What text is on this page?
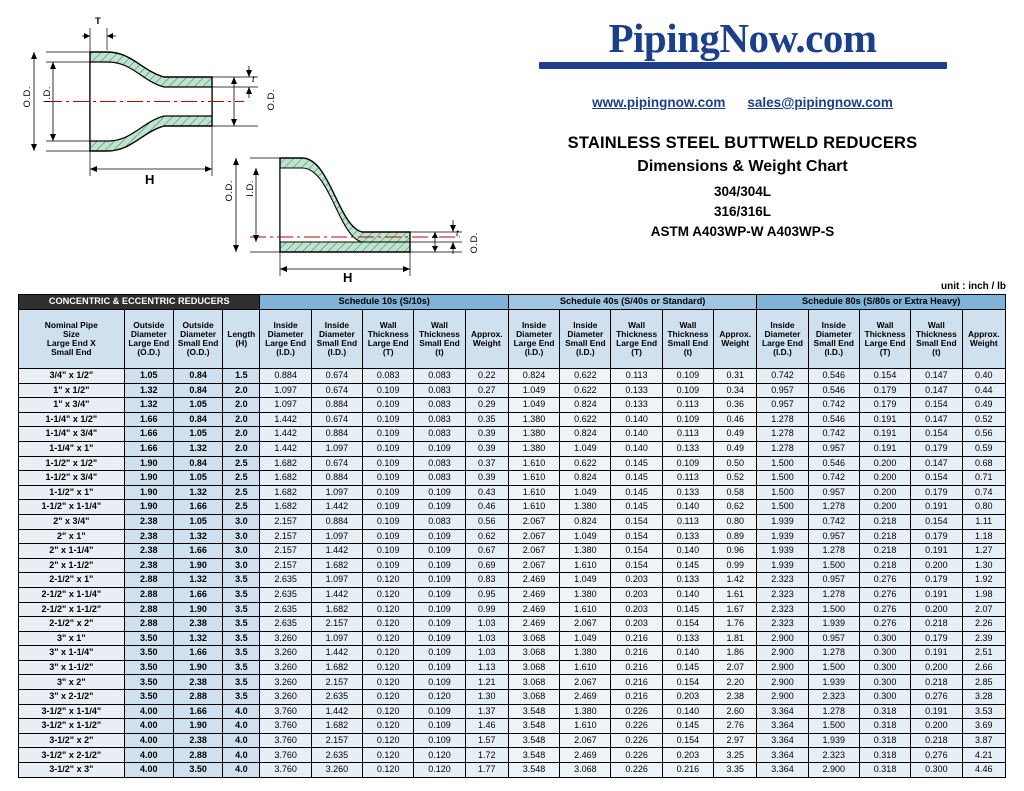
O.D. I.D.
T
t
O.D.
H
O.D. I.D.
t O.D.
H
PipingNow.com
www.pipingnow.com sales@pipingnow.com
STAINLESS STEEL BUTTWELD REDUCERS
Dimensions & Weight Chart
304/304L
316/316L
ASTM A403WP-W A403WP-S
unit : inch / lb
CONCENTRIC & ECCENTRIC REDUCERS				Schedule 10s (S/10s)					Schedule 40s (S/40s or Standard)					Schedule 80s (S/80s or Extra Heavy)				

Nominal Pipe
Size
Large End X
Small End

Outside
Diameter
Large End
(O.D.)

Outside
Diameter
Small End
(O.D.)

Length
(H)

Inside
Diameter
Large End
(I.D.)

Inside
Diameter
Small End
(I.D.)

Wall
Thickness
Large End
(T)

Wall
Thickness
Small End
(t)

Approx.
Weight

Inside
Diameter
Large End
(I.D.)

Inside
Diameter
Small End
(I.D.)

Wall
Thickness
Large End
(T)

Wall
Thickness
Small End
(t)

Approx.
Weight

Inside
Diameter
Large End
(I.D.)

Inside
Diameter
Small End
(I.D.)

Wall
Thickness
Large End
(T)

Wall
Thickness
Small End
(t)

Approx.
Weight

3/4" x 1/2"	1.05	0.84	1.5	0.884	0.674	0.083	0.083	0.22	0.824	0.622	0.113	0.109	0.31	0.742	0.546	0.154	0.147	0.40
1" x 1/2"	1.32	0.84	2.0	1.097	0.674	0.109	0.083	0.27	1.049	0.622	0.133	0.109	0.34	0.957	0.546	0.179	0.147	0.44
1" x 3/4"	1.32	1.05	2.0	1.097	0.884	0.109	0.083	0.29	1.049	0.824	0.133	0.113	0.36	0.957	0.742	0.179	0.154	0.49
1-1/4" x 1/2"	1.66	0.84	2.0	1.442	0.674	0.109	0.083	0.35	1.380	0.622	0.140	0.109	0.46	1.278	0.546	0.191	0.147	0.52
1-1/4" x 3/4"	1.66	1.05	2.0	1.442	0.884	0.109	0.083	0.39	1.380	0.824	0.140	0.113	0.49	1.278	0.742	0.191	0.154	0.56
1-1/4" x 1"	1.66	1.32	2.0	1.442	1.097	0.109	0.109	0.39	1.380	1.049	0.140	0.133	0.49	1.278	0.957	0.191	0.179	0.59
1-1/2" x 1/2"	1.90	0.84	2.5	1.682	0.674	0.109	0.083	0.37	1.610	0.622	0.145	0.109	0.50	1.500	0.546	0.200	0.147	0.68
1-1/2" x 3/4"	1.90	1.05	2.5	1.682	0.884	0.109	0.083	0.39	1.610	0.824	0.145	0.113	0.52	1.500	0.742	0.200	0.154	0.71
1-1/2" x 1"	1.90	1.32	2.5	1.682	1.097	0.109	0.109	0.43	1.610	1.049	0.145	0.133	0.58	1.500	0.957	0.200	0.179	0.74
1-1/2" x 1-1/4"	1.90	1.66	2.5	1.682	1.442	0.109	0.109	0.46	1.610	1.380	0.145	0.140	0.62	1.500	1.278	0.200	0.191	0.80
2" x 3/4"	2.38	1.05	3.0	2.157	0.884	0.109	0.083	0.56	2.067	0.824	0.154	0.113	0.80	1.939	0.742	0.218	0.154	1.11
2" x 1"	2.38	1.32	3.0	2.157	1.097	0.109	0.109	0.62	2.067	1.049	0.154	0.133	0.89	1.939	0.957	0.218	0.179	1.18
2" x 1-1/4"	2.38	1.66	3.0	2.157	1.442	0.109	0.109	0.67	2.067	1.380	0.154	0.140	0.96	1.939	1.278	0.218	0.191	1.27
2" x 1-1/2"	2.38	1.90	3.0	2.157	1.682	0.109	0.109	0.69	2.067	1.610	0.154	0.145	0.99	1.939	1.500	0.218	0.200	1.30
2-1/2" x 1"	2.88	1.32	3.5	2.635	1.097	0.120	0.109	0.83	2.469	1.049	0.203	0.133	1.42	2.323	0.957	0.276	0.179	1.92
2-1/2" x 1-1/4"	2.88	1.66	3.5	2.635	1.442	0.120	0.109	0.95	2.469	1.380	0.203	0.140	1.61	2.323	1.278	0.276	0.191	1.98
2-1/2" x 1-1/2"	2.88	1.90	3.5	2.635	1.682	0.120	0.109	0.99	2.469	1.610	0.203	0.145	1.67	2.323	1.500	0.276	0.200	2.07
2-1/2" x 2"	2.88	2.38	3.5	2.635	2.157	0.120	0.109	1.03	2.469	2.067	0.203	0.154	1.76	2.323	1.939	0.276	0.218	2.26
3" x 1"	3.50	1.32	3.5	3.260	1.097	0.120	0.109	1.03	3.068	1.049	0.216	0.133	1.81	2.900	0.957	0.300	0.179	2.39
3" x 1-1/4"	3.50	1.66	3.5	3.260	1.442	0.120	0.109	1.03	3.068	1.380	0.216	0.140	1.86	2.900	1.278	0.300	0.191	2.51
3" x 1-1/2"	3.50	1.90	3.5	3.260	1.682	0.120	0.109	1.13	3.068	1.610	0.216	0.145	2.07	2.900	1.500	0.300	0.200	2.66
3" x 2"	3.50	2.38	3.5	3.260	2.157	0.120	0.109	1.21	3.068	2.067	0.216	0.154	2.20	2.900	1.939	0.300	0.218	2.85
3" x 2-1/2"	3.50	2.88	3.5	3.260	2.635	0.120	0.120	1.30	3.068	2.469	0.216	0.203	2.38	2.900	2.323	0.300	0.276	3.28
3-1/2" x 1-1/4"	4.00	1.66	4.0	3.760	1.442	0.120	0.109	1.37	3.548	1.380	0.226	0.140	2.60	3.364	1.278	0.318	0.191	3.53
3-1/2" x 1-1/2"	4.00	1.90	4.0	3.760	1.682	0.120	0.109	1.46	3.548	1.610	0.226	0.145	2.76	3.364	1.500	0.318	0.200	3.69
3-1/2" x 2"	4.00	2.38	4.0	3.760	2.157	0.120	0.109	1.57	3.548	2.067	0.226	0.154	2.97	3.364	1.939	0.318	0.218	3.87
3-1/2" x 2-1/2"	4.00	2.88	4.0	3.760	2.635	0.120	0.120	1.72	3.548	2.469	0.226	0.203	3.25	3.364	2.323	0.318	0.276	4.21
3-1/2" x 3"	4.00	3.50	4.0	3.760	3.260	0.120	0.120	1.77	3.548	3.068	0.226	0.216	3.35	3.364	2.900	0.318	0.300	4.46
